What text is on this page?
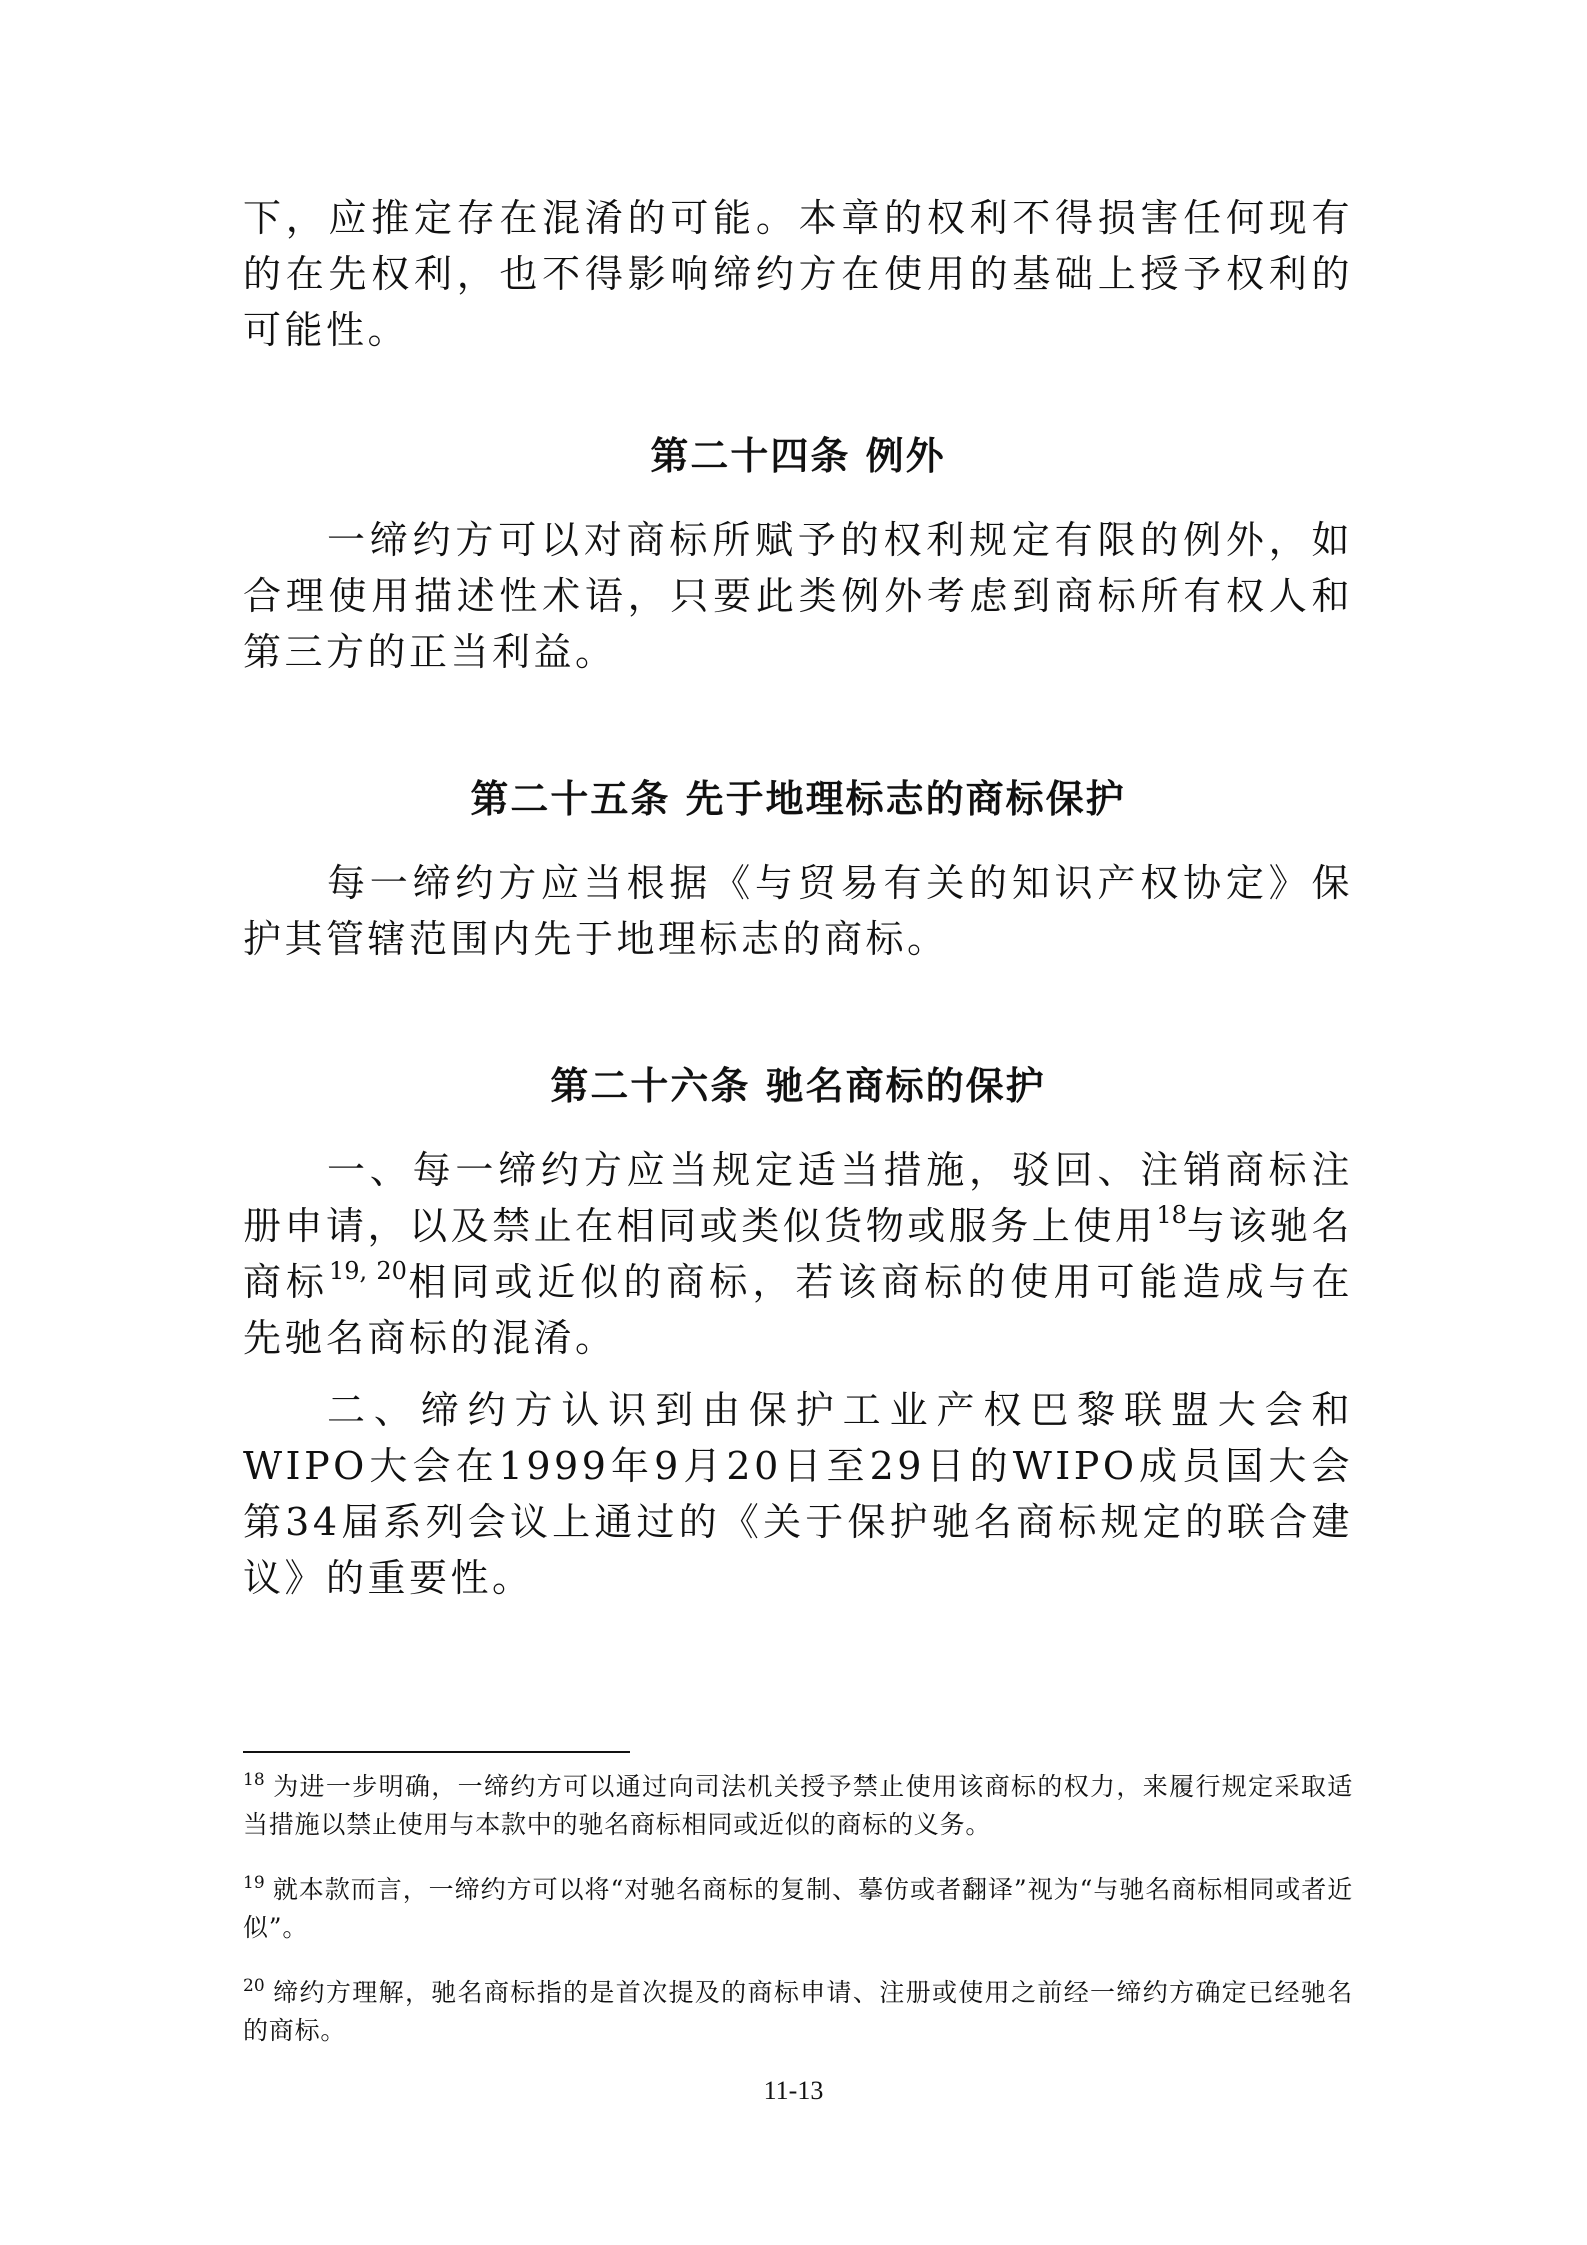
下，应推定存在混淆的可能。本章的权利不得损害任何现有的在先权利，也不得影响缔约方在使用的基础上授予权利的可能性。

第二十四条 例外

一缔约方可以对商标所赋予的权利规定有限的例外，如合理使用描述性术语，只要此类例外考虑到商标所有权人和第三方的正当利益。

第二十五条 先于地理标志的商标保护

每一缔约方应当根据《与贸易有关的知识产权协定》保护其管辖范围内先于地理标志的商标。

第二十六条 驰名商标的保护

一、每一缔约方应当规定适当措施，驳回、注销商标注册申请，以及禁止在相同或类似货物或服务上使用$^{18}$与该驰名商标$^{19, 20}$相同或近似的商标，若该商标的使用可能造成与在先驰名商标的混淆。

二、缔约方认识到由保护工业产权巴黎联盟大会和WIPO大会在1999年9月20日至29日的WIPO成员国大会第34届系列会议上通过的《关于保护驰名商标规定的联合建议》的重要性。

$^{18}$ 为进一步明确，一缔约方可以通过向司法机关授予禁止使用该商标的权力，来履行规定采取适当措施以禁止使用与本款中的驰名商标相同或近似的商标的义务。

$^{19}$ 就本款而言，一缔约方可以将“对驰名商标的复制、摹仿或者翻译”视为“与驰名商标相同或者近似”。

$^{20}$ 缔约方理解，驰名商标指的是首次提及的商标申请、注册或使用之前经一缔约方确定已经驰名的商标。

11-13
